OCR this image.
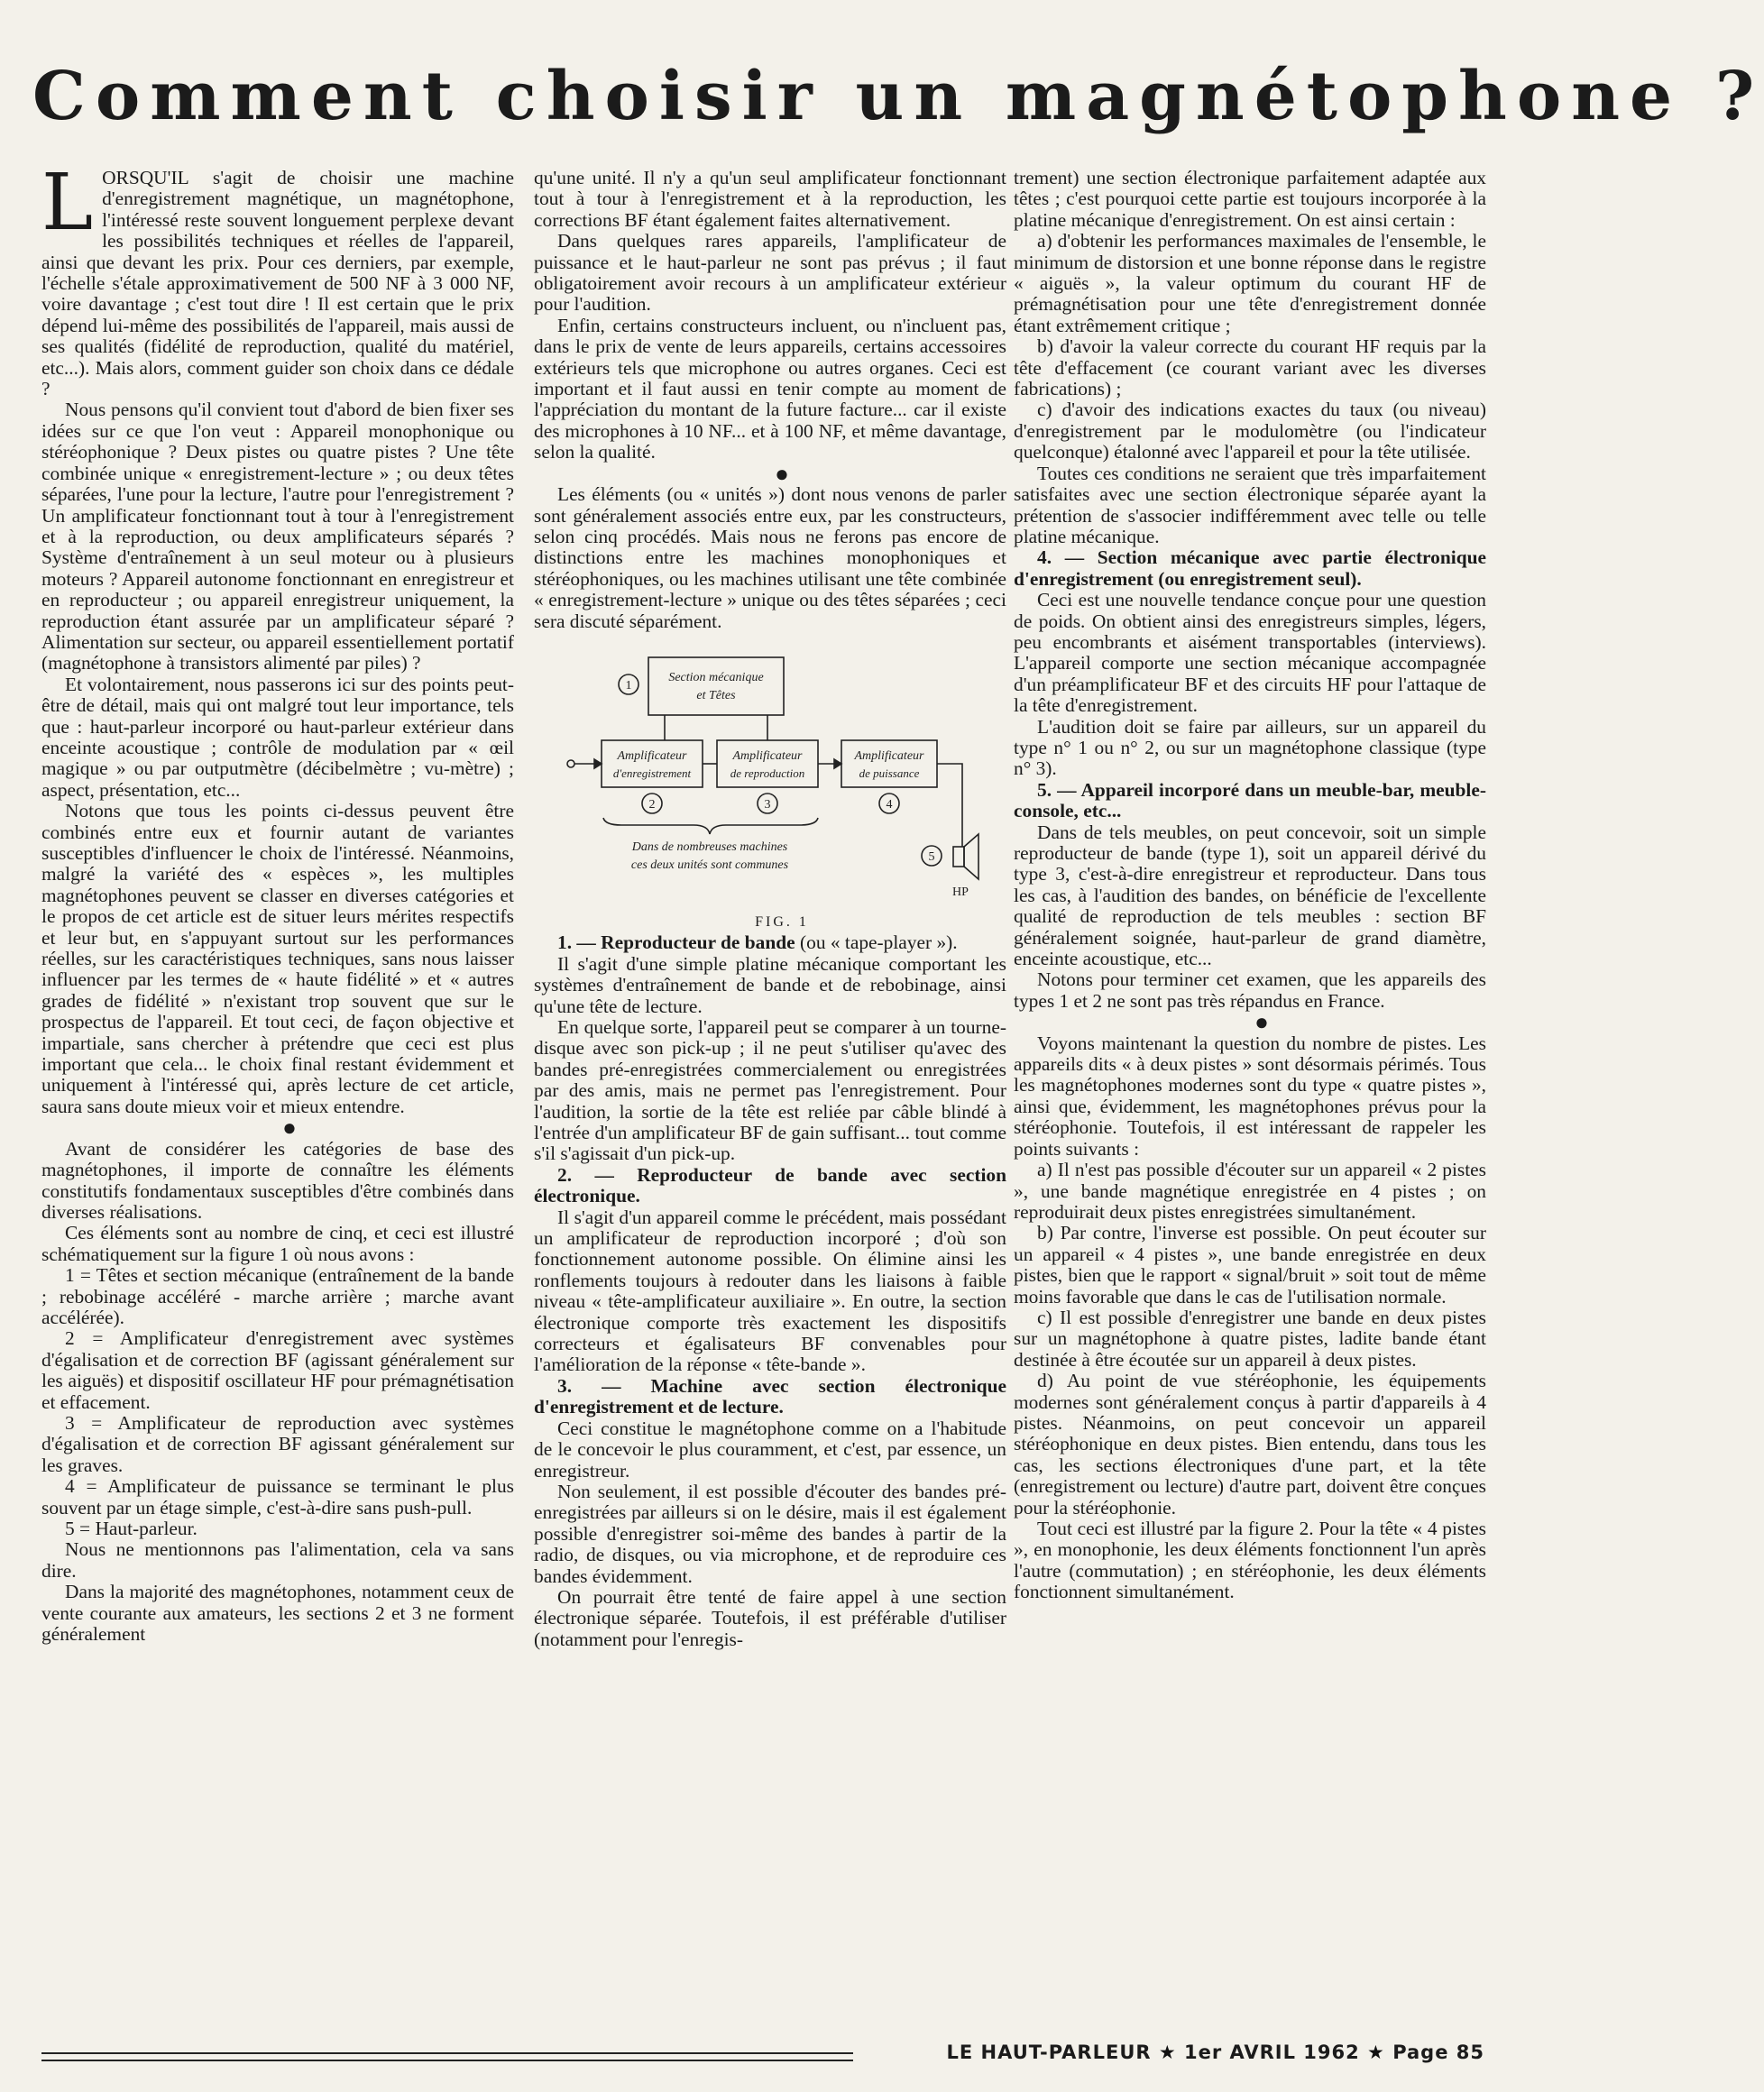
Comment choisir un magnétophone ?

LORSQU'IL s'agit de choisir une machine d'enregistrement magnétique, un magnétophone, l'intéressé reste souvent longuement perplexe devant les possibilités techniques et réelles de l'appareil, ainsi que devant les prix. Pour ces derniers, par exemple, l'échelle s'étale approximativement de 500 NF à 3 000 NF, voire davantage ; c'est tout dire ! Il est certain que le prix dépend lui-même des possibilités de l'appareil, mais aussi de ses qualités (fidélité de reproduction, qualité du matériel, etc...). Mais alors, comment guider son choix dans ce dédale ?

Nous pensons qu'il convient tout d'abord de bien fixer ses idées sur ce que l'on veut : Appareil monophonique ou stéréophonique ? Deux pistes ou quatre pistes ? Une tête combinée unique « enregistrement-lecture » ; ou deux têtes séparées, l'une pour la lecture, l'autre pour l'enregistrement ? Un amplificateur fonctionnant tout à tour à l'enregistrement et à la reproduction, ou deux amplificateurs séparés ? Système d'entraînement à un seul moteur ou à plusieurs moteurs ? Appareil autonome fonctionnant en enregistreur et en reproducteur ; ou appareil enregistreur uniquement, la reproduction étant assurée par un amplificateur séparé ? Alimentation sur secteur, ou appareil essentiellement portatif (magnétophone à transistors alimenté par piles) ?

Et volontairement, nous passerons ici sur des points peut-être de détail, mais qui ont malgré tout leur importance, tels que : haut-parleur incorporé ou haut-parleur extérieur dans enceinte acoustique ; contrôle de modulation par « œil magique » ou par outputmètre (décibelmètre ; vu-mètre) ; aspect, présentation, etc...

Notons que tous les points ci-dessus peuvent être combinés entre eux et fournir autant de variantes susceptibles d'influencer le choix de l'intéressé. Néanmoins, malgré la variété des « espèces », les multiples magnétophones peuvent se classer en diverses catégories et le propos de cet article est de situer leurs mérites respectifs et leur but, en s'appuyant surtout sur les performances réelles, sur les caractéristiques techniques, sans nous laisser influencer par les termes de « haute fidélité » et « autres grades de fidélité » n'existant trop souvent que sur le prospectus de l'appareil. Et tout ceci, de façon objective et impartiale, sans chercher à prétendre que ceci est plus important que cela... le choix final restant évidemment et uniquement à l'intéressé qui, après lecture de cet article, saura sans doute mieux voir et mieux entendre.

●

Avant de considérer les catégories de base des magnétophones, il importe de connaître les éléments constitutifs fondamentaux susceptibles d'être combinés dans diverses réalisations.

Ces éléments sont au nombre de cinq, et ceci est illustré schématiquement sur la figure 1 où nous avons :

1 = Têtes et section mécanique (entraînement de la bande ; rebobinage accéléré - marche arrière ; marche avant accélérée).

2 = Amplificateur d'enregistrement avec systèmes d'égalisation et de correction BF (agissant généralement sur les aiguës) et dispositif oscillateur HF pour prémagnétisation et effacement.

3 = Amplificateur de reproduction avec systèmes d'égalisation et de correction BF agissant généralement sur les graves.

4 = Amplificateur de puissance se terminant le plus souvent par un étage simple, c'est-à-dire sans push-pull.

5 = Haut-parleur.

Nous ne mentionnons pas l'alimentation, cela va sans dire.

Dans la majorité des magnétophones, notamment ceux de vente courante aux amateurs, les sections 2 et 3 ne forment généralement

qu'une unité. Il n'y a qu'un seul amplificateur fonctionnant tout à tour à l'enregistrement et à la reproduction, les corrections BF étant également faites alternativement.

Dans quelques rares appareils, l'amplificateur de puissance et le haut-parleur ne sont pas prévus ; il faut obligatoirement avoir recours à un amplificateur extérieur pour l'audition.

Enfin, certains constructeurs incluent, ou n'incluent pas, dans le prix de vente de leurs appareils, certains accessoires extérieurs tels que microphone ou autres organes. Ceci est important et il faut aussi en tenir compte au moment de l'appréciation du montant de la future facture... car il existe des microphones à 10 NF... et à 100 NF, et même davantage, selon la qualité.

●

Les éléments (ou « unités ») dont nous venons de parler sont généralement associés entre eux, par les constructeurs, selon cinq procédés. Mais nous ne ferons pas encore de distinctions entre les machines monophoniques et stéréophoniques, ou les machines utilisant une tête combinée « enregistrement-lecture » unique ou des têtes séparées ; ceci sera discuté séparément.

Section mécanique
et Têtes
1
Amplificateur
d'enregistrement
Amplificateur
de reproduction
Amplificateur
de puissance
5
HP
2	3	4
Dans de nombreuses machines
ces deux unités sont communes

FIG. 1

1. — Reproducteur de bande (ou « tape-player »).

Il s'agit d'une simple platine mécanique comportant les systèmes d'entraînement de bande et de rebobinage, ainsi qu'une tête de lecture.

En quelque sorte, l'appareil peut se comparer à un tourne-disque avec son pick-up ; il ne peut s'utiliser qu'avec des bandes pré-enregistrées commercialement ou enregistrées par des amis, mais ne permet pas l'enregistrement. Pour l'audition, la sortie de la tête est reliée par câble blindé à l'entrée d'un amplificateur BF de gain suffisant... tout comme s'il s'agissait d'un pick-up.

2. — Reproducteur de bande avec section électronique.

Il s'agit d'un appareil comme le précédent, mais possédant un amplificateur de reproduction incorporé ; d'où son fonctionnement autonome possible. On élimine ainsi les ronflements toujours à redouter dans les liaisons à faible niveau « tête-amplificateur auxiliaire ». En outre, la section électronique comporte très exactement les dispositifs correcteurs et égalisateurs BF convenables pour l'amélioration de la réponse « tête-bande ».

3. — Machine avec section électronique d'enregistrement et de lecture.

Ceci constitue le magnétophone comme on a l'habitude de le concevoir le plus couramment, et c'est, par essence, un enregistreur.

Non seulement, il est possible d'écouter des bandes pré-enregistrées par ailleurs si on le désire, mais il est également possible d'enregistrer soi-même des bandes à partir de la radio, de disques, ou via microphone, et de reproduire ces bandes évidemment.

On pourrait être tenté de faire appel à une section électronique séparée. Toutefois, il est préférable d'utiliser (notamment pour l'enregis-

trement) une section électronique parfaitement adaptée aux têtes ; c'est pourquoi cette partie est toujours incorporée à la platine mécanique d'enregistrement. On est ainsi certain :

a) d'obtenir les performances maximales de l'ensemble, le minimum de distorsion et une bonne réponse dans le registre « aiguës », la valeur optimum du courant HF de prémagnétisation pour une tête d'enregistrement donnée étant extrêmement critique ;

b) d'avoir la valeur correcte du courant HF requis par la tête d'effacement (ce courant variant avec les diverses fabrications) ;

c) d'avoir des indications exactes du taux (ou niveau) d'enregistrement par le modulomètre (ou l'indicateur quelconque) étalonné avec l'appareil et pour la tête utilisée.

Toutes ces conditions ne seraient que très imparfaitement satisfaites avec une section électronique séparée ayant la prétention de s'associer indifféremment avec telle ou telle platine mécanique.

4. — Section mécanique avec partie électronique d'enregistrement (ou enregistrement seul).

Ceci est une nouvelle tendance conçue pour une question de poids. On obtient ainsi des enregistreurs simples, légers, peu encombrants et aisément transportables (interviews). L'appareil comporte une section mécanique accompagnée d'un préamplificateur BF et des circuits HF pour l'attaque de la tête d'enregistrement.

L'audition doit se faire par ailleurs, sur un appareil du type n° 1 ou n° 2, ou sur un magnétophone classique (type n° 3).

5. — Appareil incorporé dans un meuble-bar, meuble-console, etc...

Dans de tels meubles, on peut concevoir, soit un simple reproducteur de bande (type 1), soit un appareil dérivé du type 3, c'est-à-dire enregistreur et reproducteur. Dans tous les cas, à l'audition des bandes, on bénéficie de l'excellente qualité de reproduction de tels meubles : section BF généralement soignée, haut-parleur de grand diamètre, enceinte acoustique, etc...

Notons pour terminer cet examen, que les appareils des types 1 et 2 ne sont pas très répandus en France.

●

Voyons maintenant la question du nombre de pistes. Les appareils dits « à deux pistes » sont désormais périmés. Tous les magnétophones modernes sont du type « quatre pistes », ainsi que, évidemment, les magnétophones prévus pour la stéréophonie. Toutefois, il est intéressant de rappeler les points suivants :

a) Il n'est pas possible d'écouter sur un appareil « 2 pistes », une bande magnétique enregistrée en 4 pistes ; on reproduirait deux pistes enregistrées simultanément.

b) Par contre, l'inverse est possible. On peut écouter sur un appareil « 4 pistes », une bande enregistrée en deux pistes, bien que le rapport « signal/bruit » soit tout de même moins favorable que dans le cas de l'utilisation normale.

c) Il est possible d'enregistrer une bande en deux pistes sur un magnétophone à quatre pistes, ladite bande étant destinée à être écoutée sur un appareil à deux pistes.

d) Au point de vue stéréophonie, les équipements modernes sont généralement conçus à partir d'appareils à 4 pistes. Néanmoins, on peut concevoir un appareil stéréophonique en deux pistes. Bien entendu, dans tous les cas, les sections électroniques d'une part, et la tête (enregistrement ou lecture) d'autre part, doivent être conçues pour la stéréophonie.

Tout ceci est illustré par la figure 2. Pour la tête « 4 pistes », en monophonie, les deux éléments fonctionnent l'un après l'autre (commutation) ; en stéréophonie, les deux éléments fonctionnent simultanément.

LE HAUT-PARLEUR ★ 1er AVRIL 1962 ★ Page 85
